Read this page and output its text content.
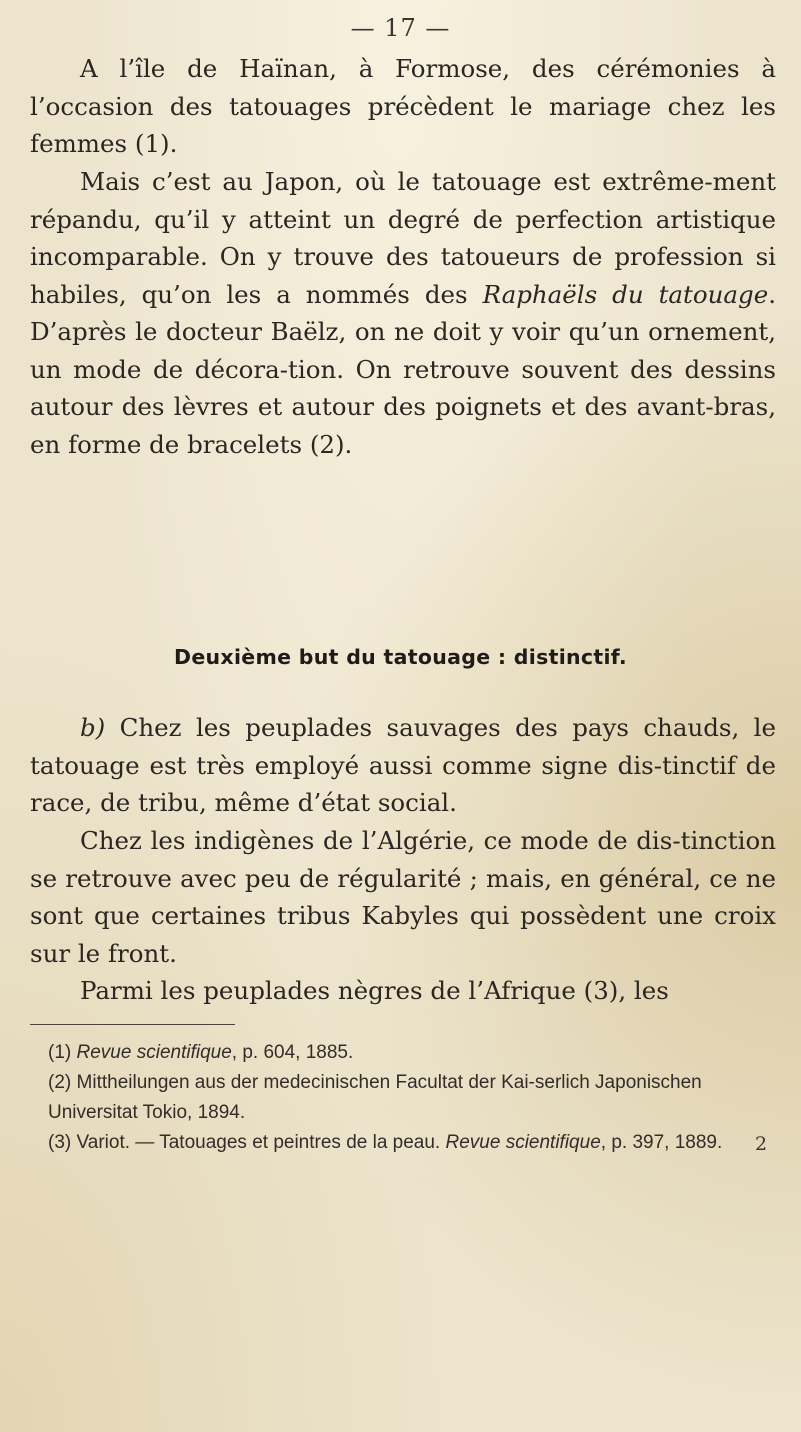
— 17 —

A l’île de Haïnan, à Formose, des cérémonies à l’occasion des tatouages précèdent le mariage chez les femmes (1).

Mais c’est au Japon, où le tatouage est extrême-ment répandu, qu’il y atteint un degré de perfection artistique incomparable. On y trouve des tatoueurs de profession si habiles, qu’on les a nommés des Raphaëls du tatouage. D’après le docteur Baëlz, on ne doit y voir qu’un ornement, un mode de décora-tion. On retrouve souvent des dessins autour des lèvres et autour des poignets et des avant-bras, en forme de bracelets (2).

Deuxième but du tatouage : distinctif.

b) Chez les peuplades sauvages des pays chauds, le tatouage est très employé aussi comme signe dis-tinctif de race, de tribu, même d’état social.

Chez les indigènes de l’Algérie, ce mode de dis-tinction se retrouve avec peu de régularité ; mais, en général, ce ne sont que certaines tribus Kabyles qui possèdent une croix sur le front.

Parmi les peuplades nègres de l’Afrique (3), les

(1) Revue scientifique, p. 604, 1885.

(2) Mittheilungen aus der medecinischen Facultat der Kai-serlich Japonischen Universitat Tokio, 1894.

(3) Variot. — Tatouages et peintres de la peau. Revue scientifique, p. 397, 1889.	2
